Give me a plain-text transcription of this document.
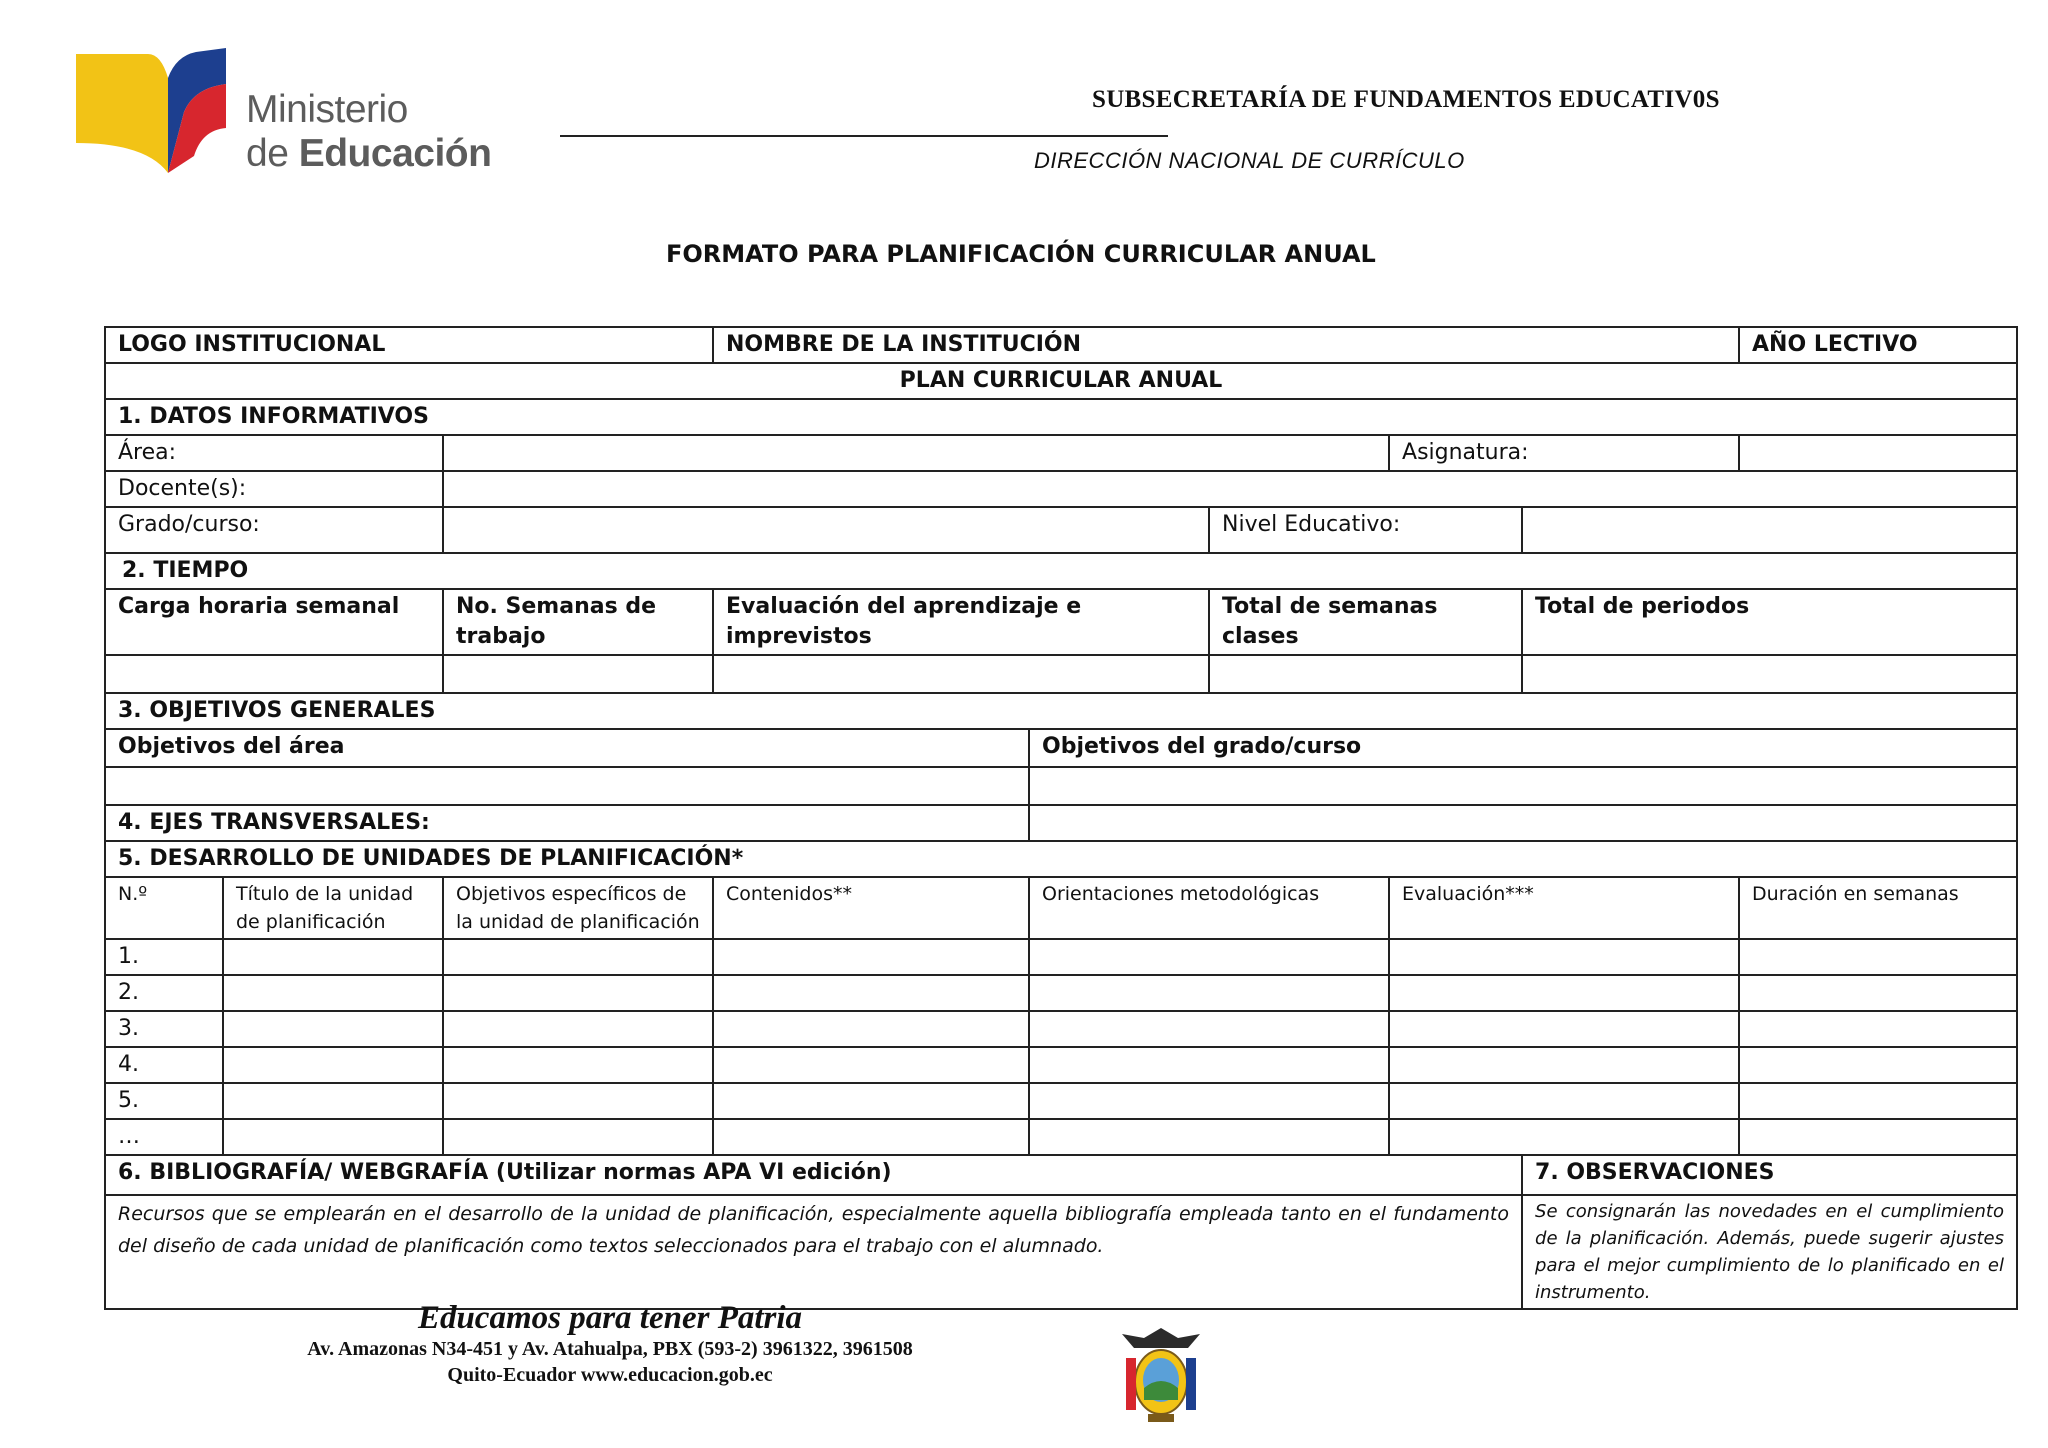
Ministerio
de Educación
SUBSECRETARÍA DE FUNDAMENTOS EDUCATIV0S
DIRECCIÓN NACIONAL DE CURRÍCULO
FORMATO PARA PLANIFICACIÓN CURRICULAR ANUAL
LOGO INSTITUCIONAL			NOMBRE DE LA INSTITUCIÓN					AÑO LECTIVO
PLAN CURRICULAR ANUAL								
1. DATOS INFORMATIVOS								
Área:						Asignatura:		
Docente(s):								
Grado/curso:					Nivel Educativo:			
2. TIEMPO								
Carga horaria semanal		No. Semanas de trabajo	Evaluación del aprendizaje e imprevistos		Total de semanas clases		Total de periodos	

3. OBJETIVOS GENERALES								
Objetivos del área				Objetivos del grado/curso				

4. EJES TRANSVERSALES:								
5. DESARROLLO DE UNIDADES DE PLANIFICACIÓN*								
N.º	Título de la unidad de planificación	Objetivos específicos de la unidad de planificación	Contenidos**	Orientaciones metodológicas		Evaluación***		Duración en semanas
1.								
2.								
3.								
4.								
5.								
…								
6. BIBLIOGRAFÍA/ WEBGRAFÍA (Utilizar normas APA VI edición)							7. OBSERVACIONES	
Recursos que se emplearán en el desarrollo de la unidad de planificación, especialmente aquella bibliografía empleada tanto en el fundamento del diseño de cada unidad de planificación como textos seleccionados para el trabajo con el alumnado.							Se consignarán las novedades en el cumplimiento de la planificación. Además, puede sugerir ajustes para el mejor cumplimiento de lo planificado en el instrumento.	
Educamos para tener Patria
Av. Amazonas N34-451 y Av. Atahualpa, PBX (593-2) 3961322, 3961508
Quito-Ecuador www.educacion.gob.ec
